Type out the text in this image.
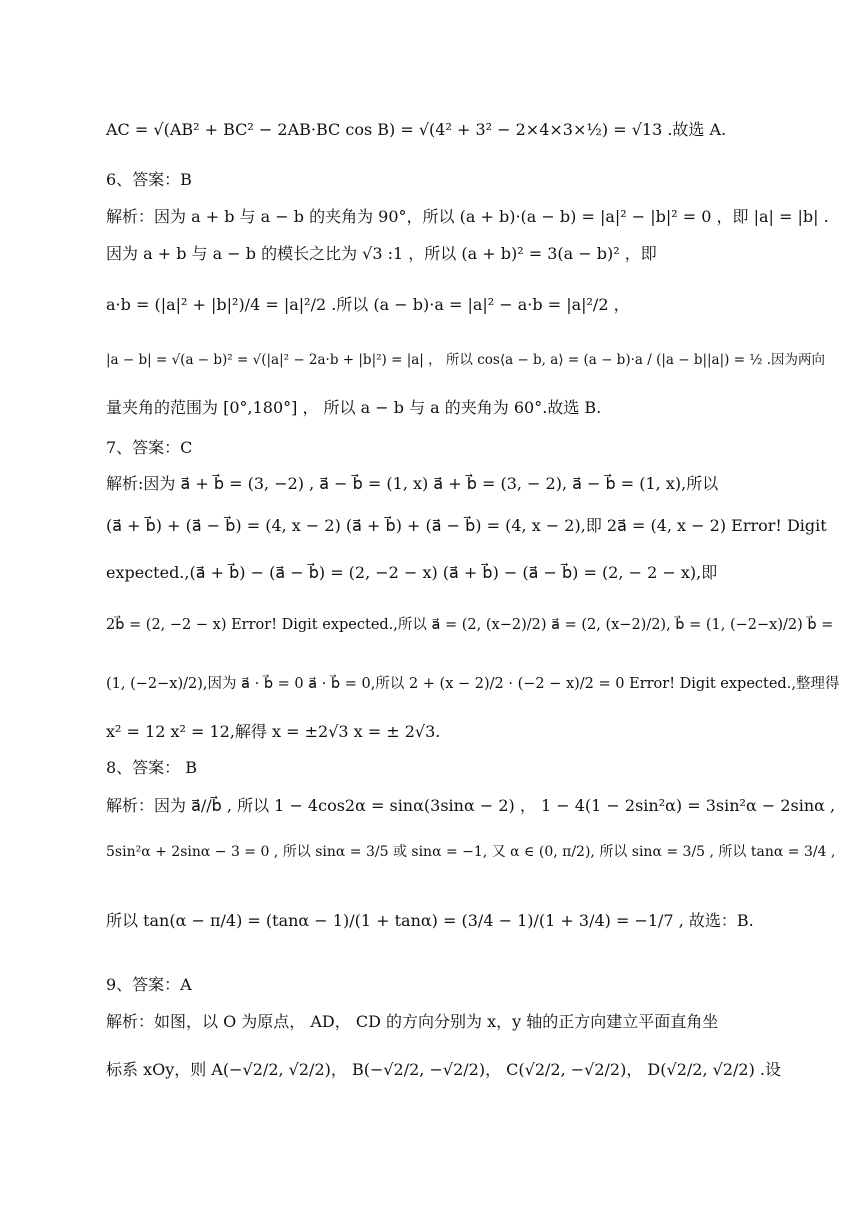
AC = √(AB² + BC² − 2AB·BC cos B) = √(4² + 3² − 2×4×3×½) = √13 .故选 A.
6、答案：B
解析：因为 a + b 与 a − b 的夹角为 90°，所以 (a + b)·(a − b) = |a|² − |b|² = 0 ，即 |a| = |b| .
因为 a + b 与 a − b 的模长之比为 √3 :1 ，所以 (a + b)² = 3(a − b)² ，即
a·b = (|a|² + |b|²)/4 = |a|²/2 .所以 (a − b)·a = |a|² − a·b = |a|²/2 ，
|a − b| = √(a − b)² = √(|a|² − 2a·b + |b|²) = |a| ， 所以 cos⟨a − b, a⟩ = (a − b)·a / (|a − b||a|) = ½ .因为两向
量夹角的范围为 [0°,180°] ， 所以 a − b 与 a 的夹角为 60°.故选 B.
7、答案：C
解析:因为 a⃗ + b⃗ = (3, −2) , a⃗ − b⃗ = (1, x) a⃗ + b⃗ = (3, − 2), a⃗ − b⃗ = (1, x),所以
(a⃗ + b⃗) + (a⃗ − b⃗) = (4, x − 2) (a⃗ + b⃗) + (a⃗ − b⃗) = (4, x − 2),即 2a⃗ = (4, x − 2) Error! Digit
expected.,(a⃗ + b⃗) − (a⃗ − b⃗) = (2, −2 − x) (a⃗ + b⃗) − (a⃗ − b⃗) = (2, − 2 − x),即
2b⃗ = (2, −2 − x) Error! Digit expected.,所以 a⃗ = (2, (x−2)/2) a⃗ = (2, (x−2)/2), b⃗ = (1, (−2−x)/2) b⃗ =
(1, (−2−x)/2),因为 a⃗ · b⃗ = 0 a⃗ · b⃗ = 0,所以 2 + (x − 2)/2 · (−2 − x)/2 = 0 Error! Digit expected.,整理得
x² = 12 x² = 12,解得 x = ±2√3 x = ± 2√3.
8、答案： B
解析：因为 a⃗//b⃗ , 所以 1 − 4cos2α = sinα(3sinα − 2) ， 1 − 4(1 − 2sin²α) = 3sin²α − 2sinα ,
5sin²α + 2sinα − 3 = 0 , 所以 sinα = 3/5 或 sinα = −1, 又 α ∈ (0, π/2), 所以 sinα = 3/5 , 所以 tanα = 3/4 ,
所以 tan(α − π/4) = (tanα − 1)/(1 + tanα) = (3/4 − 1)/(1 + 3/4) = −1/7 , 故选：B.
9、答案：A
解析：如图，以 O 为原点， AD， CD 的方向分别为 x，y 轴的正方向建立平面直角坐
标系 xOy，则 A(−√2/2, √2/2)， B(−√2/2, −√2/2)， C(√2/2, −√2/2)， D(√2/2, √2/2) .设
